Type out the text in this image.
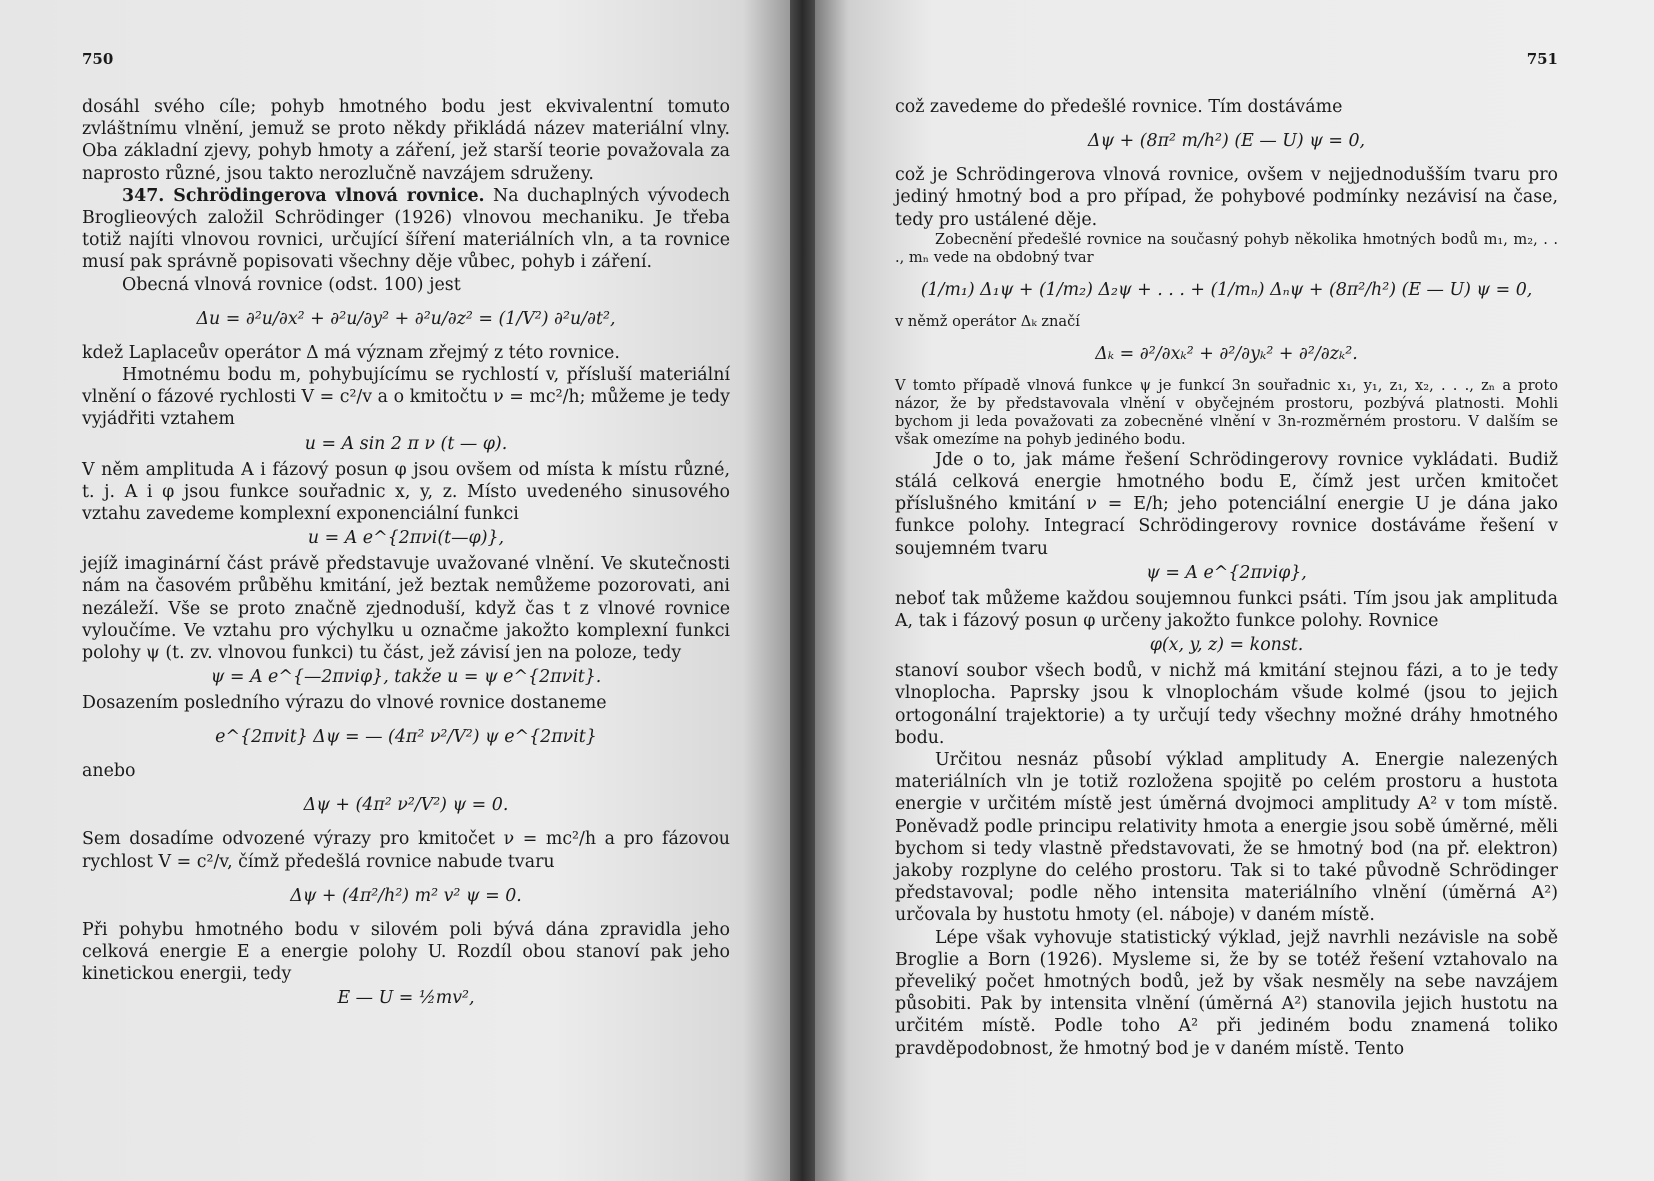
750

dosáhl svého cíle; pohyb hmotného bodu jest ekvivalentní tomuto zvláštnímu vlnění, jemuž se proto někdy přikládá název materiální vlny. Oba základní zjevy, pohyb hmoty a záření, jež starší teorie považovala za naprosto různé, jsou takto nerozlučně navzájem sdruženy.

347. Schrödingerova vlnová rovnice. Na duchaplných vývodech Broglieových založil Schrödinger (1926) vlnovou mechaniku. Je třeba totiž najíti vlnovou rovnici, určující šíření materiálních vln, a ta rovnice musí pak správně popisovati všechny děje vůbec, pohyb i záření.

Obecná vlnová rovnice (odst. 100) jest

Δu = ∂²u/∂x² + ∂²u/∂y² + ∂²u/∂z² = (1/V²) ∂²u/∂t²,

kdež Laplaceův operátor Δ má význam zřejmý z této rovnice.

Hmotnému bodu m, pohybujícímu se rychlostí v, přísluší materiální vlnění o fázové rychlosti V = c²/v a o kmitočtu ν = mc²/h; můžeme je tedy vyjádřiti vztahem

u = A sin 2 π ν (t — φ).

V něm amplituda A i fázový posun φ jsou ovšem od místa k místu různé, t. j. A i φ jsou funkce souřadnic x, y, z. Místo uvedeného sinusového vztahu zavedeme komplexní exponenciální funkci

u = A e^{2πνi(t—φ)},

jejíž imaginární část právě představuje uvažované vlnění. Ve skutečnosti nám na časovém průběhu kmitání, jež beztak nemůžeme pozorovati, ani nezáleží. Vše se proto značně zjednoduší, když čas t z vlnové rovnice vyloučíme. Ve vztahu pro výchylku u označme jakožto komplexní funkci polohy ψ (t. zv. vlnovou funkci) tu část, jež závisí jen na poloze, tedy

ψ = A e^{—2πνiφ}, takže u = ψ e^{2πνit}.

Dosazením posledního výrazu do vlnové rovnice dostaneme

e^{2πνit} Δψ = — (4π² ν²/V²) ψ e^{2πνit}
anebo
Δψ + (4π² ν²/V²) ψ = 0.

Sem dosadíme odvozené výrazy pro kmitočet ν = mc²/h a pro fázovou rychlost V = c²/v, čímž předešlá rovnice nabude tvaru

Δψ + (4π²/h²) m² v² ψ = 0.

Při pohybu hmotného bodu v silovém poli bývá dána zpravidla jeho celková energie E a energie polohy U. Rozdíl obou stanoví pak jeho kinetickou energii, tedy

E — U = ½mv²,
751

což zavedeme do předešlé rovnice. Tím dostáváme

Δψ + (8π² m/h²) (E — U) ψ = 0,

což je Schrödingerova vlnová rovnice, ovšem v nejjednodušším tvaru pro jediný hmotný bod a pro případ, že pohybové podmínky nezávisí na čase, tedy pro ustálené děje.

Zobecnění předešlé rovnice na současný pohyb několika hmotných bodů m₁, m₂, . . ., mₙ vede na obdobný tvar

(1/m₁) Δ₁ψ + (1/m₂) Δ₂ψ + . . . + (1/mₙ) Δₙψ + (8π²/h²) (E — U) ψ = 0,

v němž operátor Δₖ značí

Δₖ = ∂²/∂xₖ² + ∂²/∂yₖ² + ∂²/∂zₖ².

V tomto případě vlnová funkce ψ je funkcí 3n souřadnic x₁, y₁, z₁, x₂, . . ., zₙ a proto názor, že by představovala vlnění v obyčejném prostoru, pozbývá platnosti. Mohli bychom ji leda považovati za zobecněné vlnění v 3n-rozměrném prostoru. V dalším se však omezíme na pohyb jediného bodu.

Jde o to, jak máme řešení Schrödingerovy rovnice vykládati. Budiž stálá celková energie hmotného bodu E, čímž jest určen kmitočet příslušného kmitání ν = E/h; jeho potenciální energie U je dána jako funkce polohy. Integrací Schrödingerovy rovnice dostáváme řešení v soujemném tvaru

ψ = A e^{2πνiφ},

neboť tak můžeme každou soujemnou funkci psáti. Tím jsou jak amplituda A, tak i fázový posun φ určeny jakožto funkce polohy. Rovnice

φ(x, y, z) = konst.

stanoví soubor všech bodů, v nichž má kmitání stejnou fázi, a to je tedy vlnoplocha. Paprsky jsou k vlnoplochám všude kolmé (jsou to jejich ortogonální trajektorie) a ty určují tedy všechny možné dráhy hmotného bodu.

Určitou nesnáz působí výklad amplitudy A. Energie nalezených materiálních vln je totiž rozložena spojitě po celém prostoru a hustota energie v určitém místě jest úměrná dvojmoci amplitudy A² v tom místě. Poněvadž podle principu relativity hmota a energie jsou sobě úměrné, měli bychom si tedy vlastně představovati, že se hmotný bod (na př. elektron) jakoby rozplyne do celého prostoru. Tak si to také původně Schrödinger představoval; podle něho intensita materiálního vlnění (úměrná A²) určovala by hustotu hmoty (el. náboje) v daném místě.

Lépe však vyhovuje statistický výklad, jejž navrhli nezávisle na sobě Broglie a Born (1926). Mysleme si, že by se totéž řešení vztahovalo na převeliký počet hmotných bodů, jež by však nesměly na sebe navzájem působiti. Pak by intensita vlnění (úměrná A²) stanovila jejich hustotu na určitém místě. Podle toho A² při jediném bodu znamená toliko pravděpodobnost, že hmotný bod je v daném místě. Tento
